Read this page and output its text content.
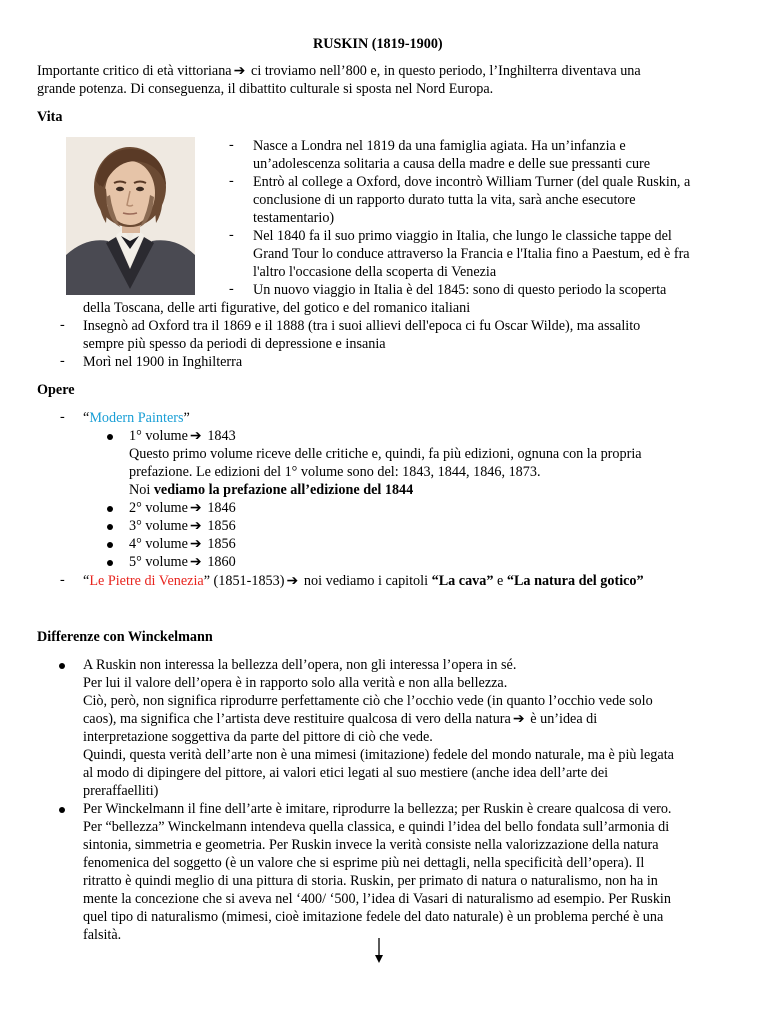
RUSKIN (1819-1900)
Importante critico di età vittoriana ➔ ci troviamo nell’800 e, in questo periodo, l’Inghilterra diventava una
grande potenza. Di conseguenza, il dibattito culturale si sposta nel Nord Europa.
Vita
- Nasce a Londra nel 1819 da una famiglia agiata. Ha un’infanzia e
un’adolescenza solitaria a causa della madre e delle sue pressanti cure
- Entrò al college a Oxford, dove incontrò William Turner (del quale Ruskin, a
conclusione di un rapporto durato tutta la vita, sarà anche esecutore
testamentario)
- Nel 1840 fa il suo primo viaggio in Italia, che lungo le classiche tappe del
Grand Tour lo conduce attraverso la Francia e l'Italia fino a Paestum, ed è fra
l'altro l'occasione della scoperta di Venezia
- Un nuovo viaggio in Italia è del 1845: sono di questo periodo la scoperta
della Toscana, delle arti figurative, del gotico e del romanico italiani
- Insegnò ad Oxford tra il 1869 e il 1888 (tra i suoi allievi dell'epoca ci fu Oscar Wilde), ma assalito
sempre più spesso da periodi di depressione e insania
- Morì nel 1900 in Inghilterra
Opere
- “Modern Painters”
1° volume ➔ 1843
Questo primo volume riceve delle critiche e, quindi, fa più edizioni, ognuna con la propria
prefazione. Le edizioni del 1° volume sono del: 1843, 1844, 1846, 1873.
Noi vediamo la prefazione all’edizione del 1844
2° volume ➔ 1846
3° volume ➔ 1856
4° volume ➔ 1856
5° volume ➔ 1860
- “Le Pietre di Venezia” (1851-1853) ➔ noi vediamo i capitoli “La cava” e “La natura del gotico”
Differenze con Winckelmann
A Ruskin non interessa la bellezza dell’opera, non gli interessa l’opera in sé.
Per lui il valore dell’opera è in rapporto solo alla verità e non alla bellezza.
Ciò, però, non significa riprodurre perfettamente ciò che l’occhio vede (in quanto l’occhio vede solo
caos), ma significa che l’artista deve restituire qualcosa di vero della natura ➔ è un’idea di
interpretazione soggettiva da parte del pittore di ciò che vede.
Quindi, questa verità dell’arte non è una mimesi (imitazione) fedele del mondo naturale, ma è più legata
al modo di dipingere del pittore, ai valori etici legati al suo mestiere (anche idea dell’arte dei
preraffaelliti)
Per Winckelmann il fine dell’arte è imitare, riprodurre la bellezza; per Ruskin è creare qualcosa di vero.
Per “bellezza” Winckelmann intendeva quella classica, e quindi l’idea del bello fondata sull’armonia di
sintonia, simmetria e geometria. Per Ruskin invece la verità consiste nella valorizzazione della natura
fenomenica del soggetto (è un valore che si esprime più nei dettagli, nella specificità dell’opera). Il
ritratto è quindi meglio di una pittura di storia. Ruskin, per primato di natura o naturalismo, non ha in
mente la concezione che si aveva nel ‘400/ ‘500, l’idea di Vasari di naturalismo ad esempio. Per Ruskin
quel tipo di naturalismo (mimesi, cioè imitazione fedele del dato naturale) è un problema perché è una
falsità.
